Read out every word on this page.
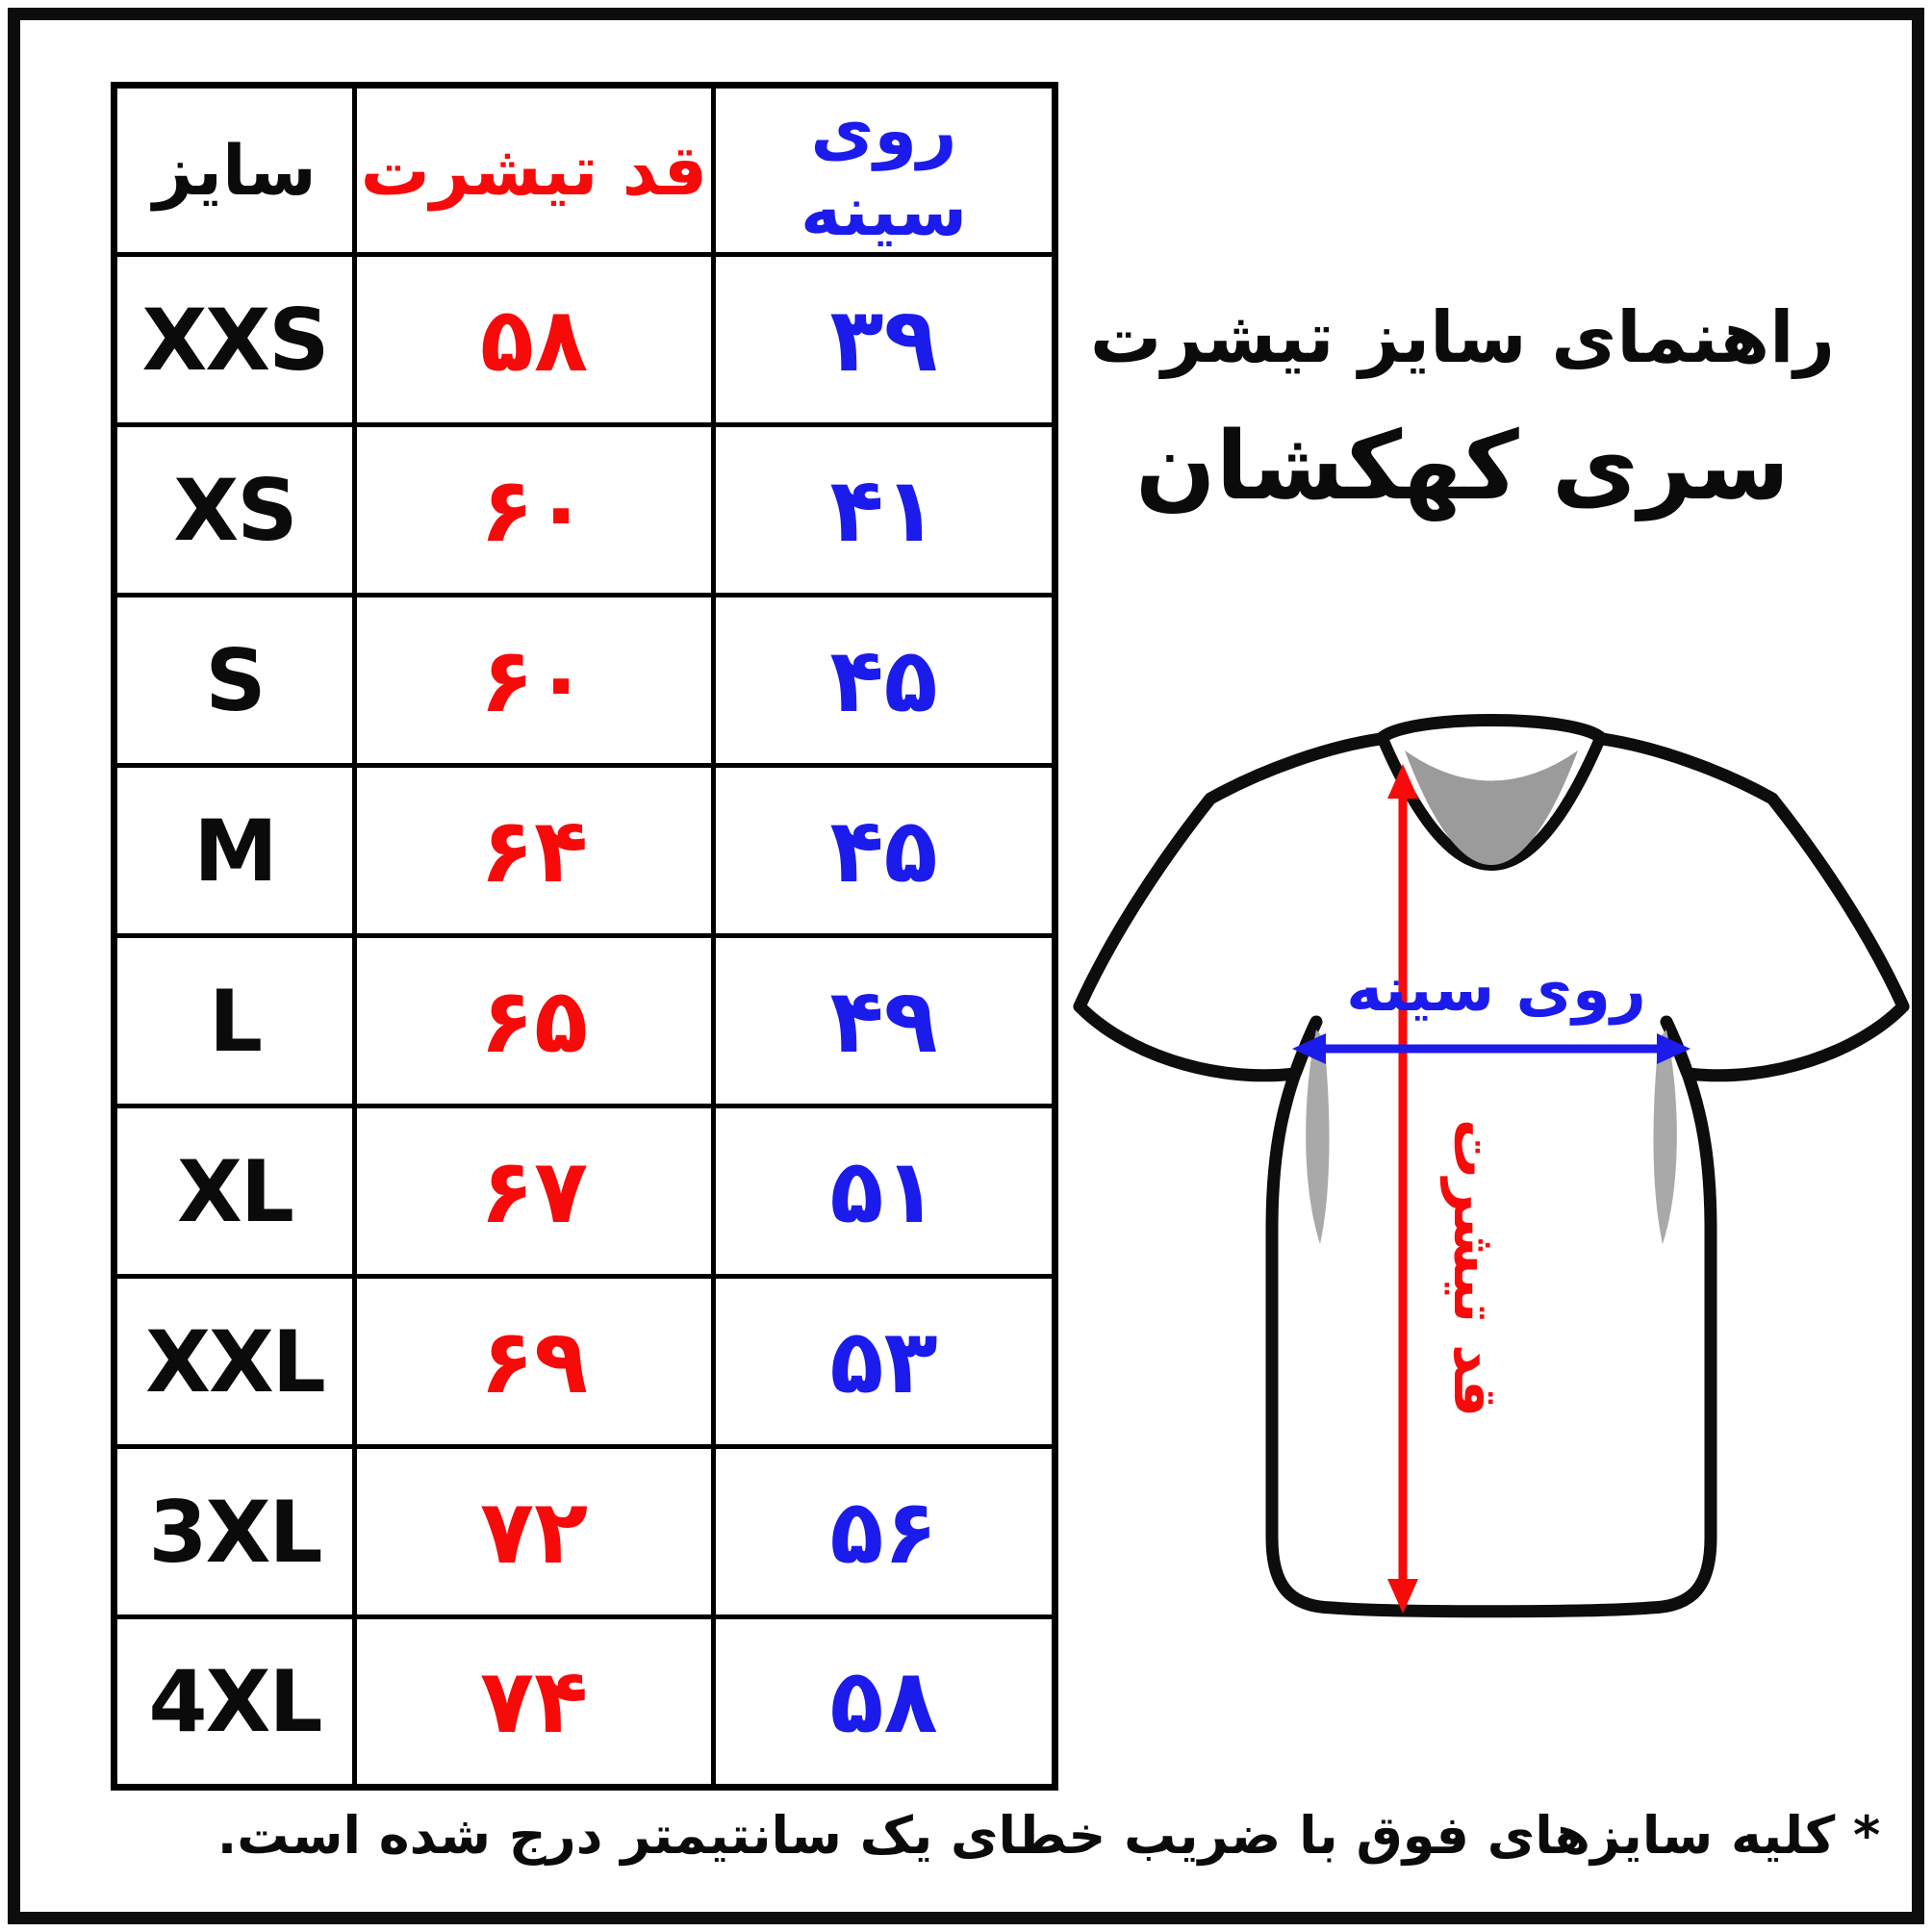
سایز	قد تیشرت	روی سینه
XXS	۵۸	۳۹
XS	۶۰	۴۱
S	۶۰	۴۵
M	۶۴	۴۵
L	۶۵	۴۹
XL	۶۷	۵۱
XXL	۶۹	۵۳
3XL	۷۲	۵۶
4XL	۷۴	۵۸
راهنمای سایز تیشرت
سری کهکشان
روی سینه
قد تیشرت
* کلیه سایزهای فوق با ضریب خطای یک سانتیمتر درج شده است.
